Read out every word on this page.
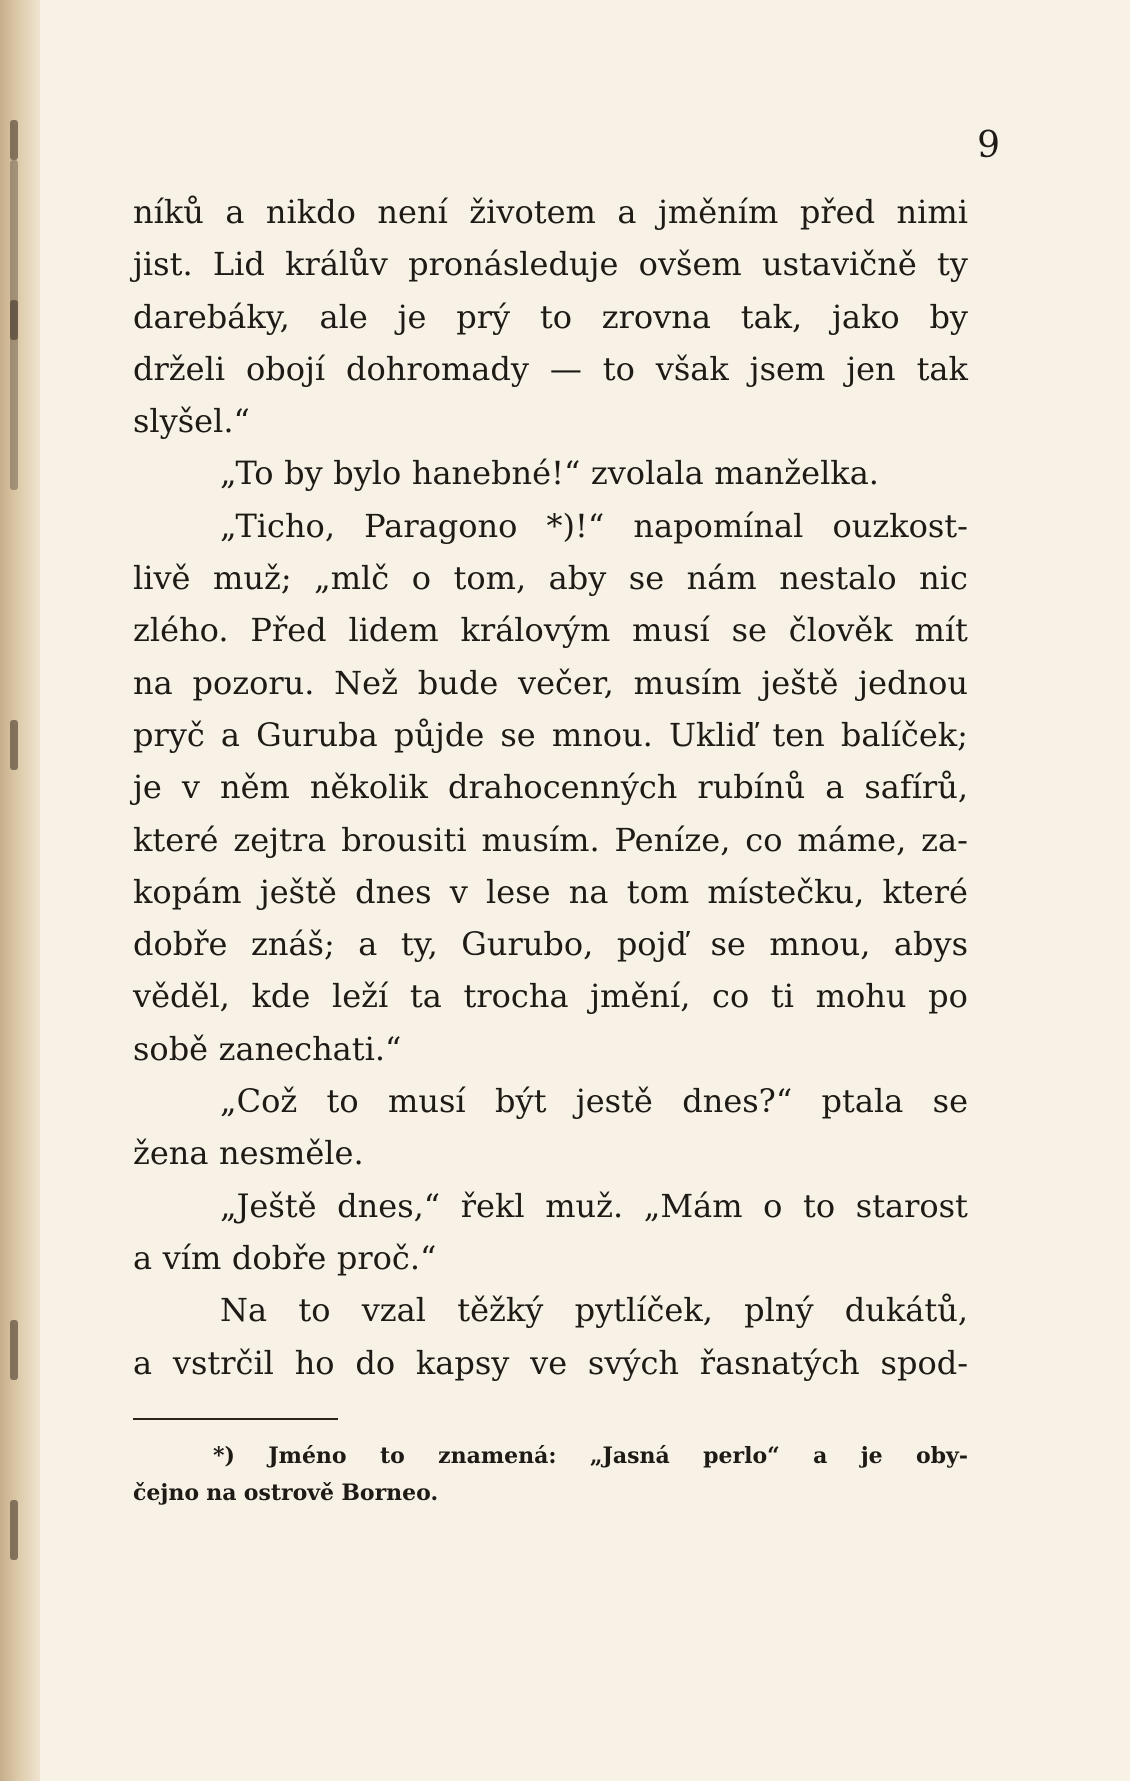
9
níků a nikdo není životem a jměním před nimi
jist. Lid králův pronásleduje ovšem ustavičně ty
darebáky, ale je prý to zrovna tak, jako by
drželi obojí dohromady — to však jsem jen tak
slyšel.“
„To by bylo hanebné!“ zvolala manželka.
„Ticho, Paragono *)!“ napomínal ouzkost-
livě muž; „mlč o tom, aby se nám nestalo nic
zlého. Před lidem královým musí se člověk mít
na pozoru. Než bude večer, musím ještě jednou
pryč a Guruba půjde se mnou. Ukliď ten balíček;
je v něm několik drahocenných rubínů a safírů,
které zejtra brousiti musím. Peníze, co máme, za-
kopám ještě dnes v lese na tom místečku, které
dobře znáš; a ty, Gurubo, pojď se mnou, abys
věděl, kde leží ta trocha jmění, co ti mohu po
sobě zanechati.“
„Což to musí být jestě dnes?“ ptala se
žena nesměle.
„Ještě dnes,“ řekl muž. „Mám o to starost
a vím dobře proč.“
Na to vzal těžký pytlíček, plný dukátů,
a vstrčil ho do kapsy ve svých řasnatých spod-
*) Jméno to znamená: „Jasná perlo“ a je oby-
čejno na ostrově Borneo.
